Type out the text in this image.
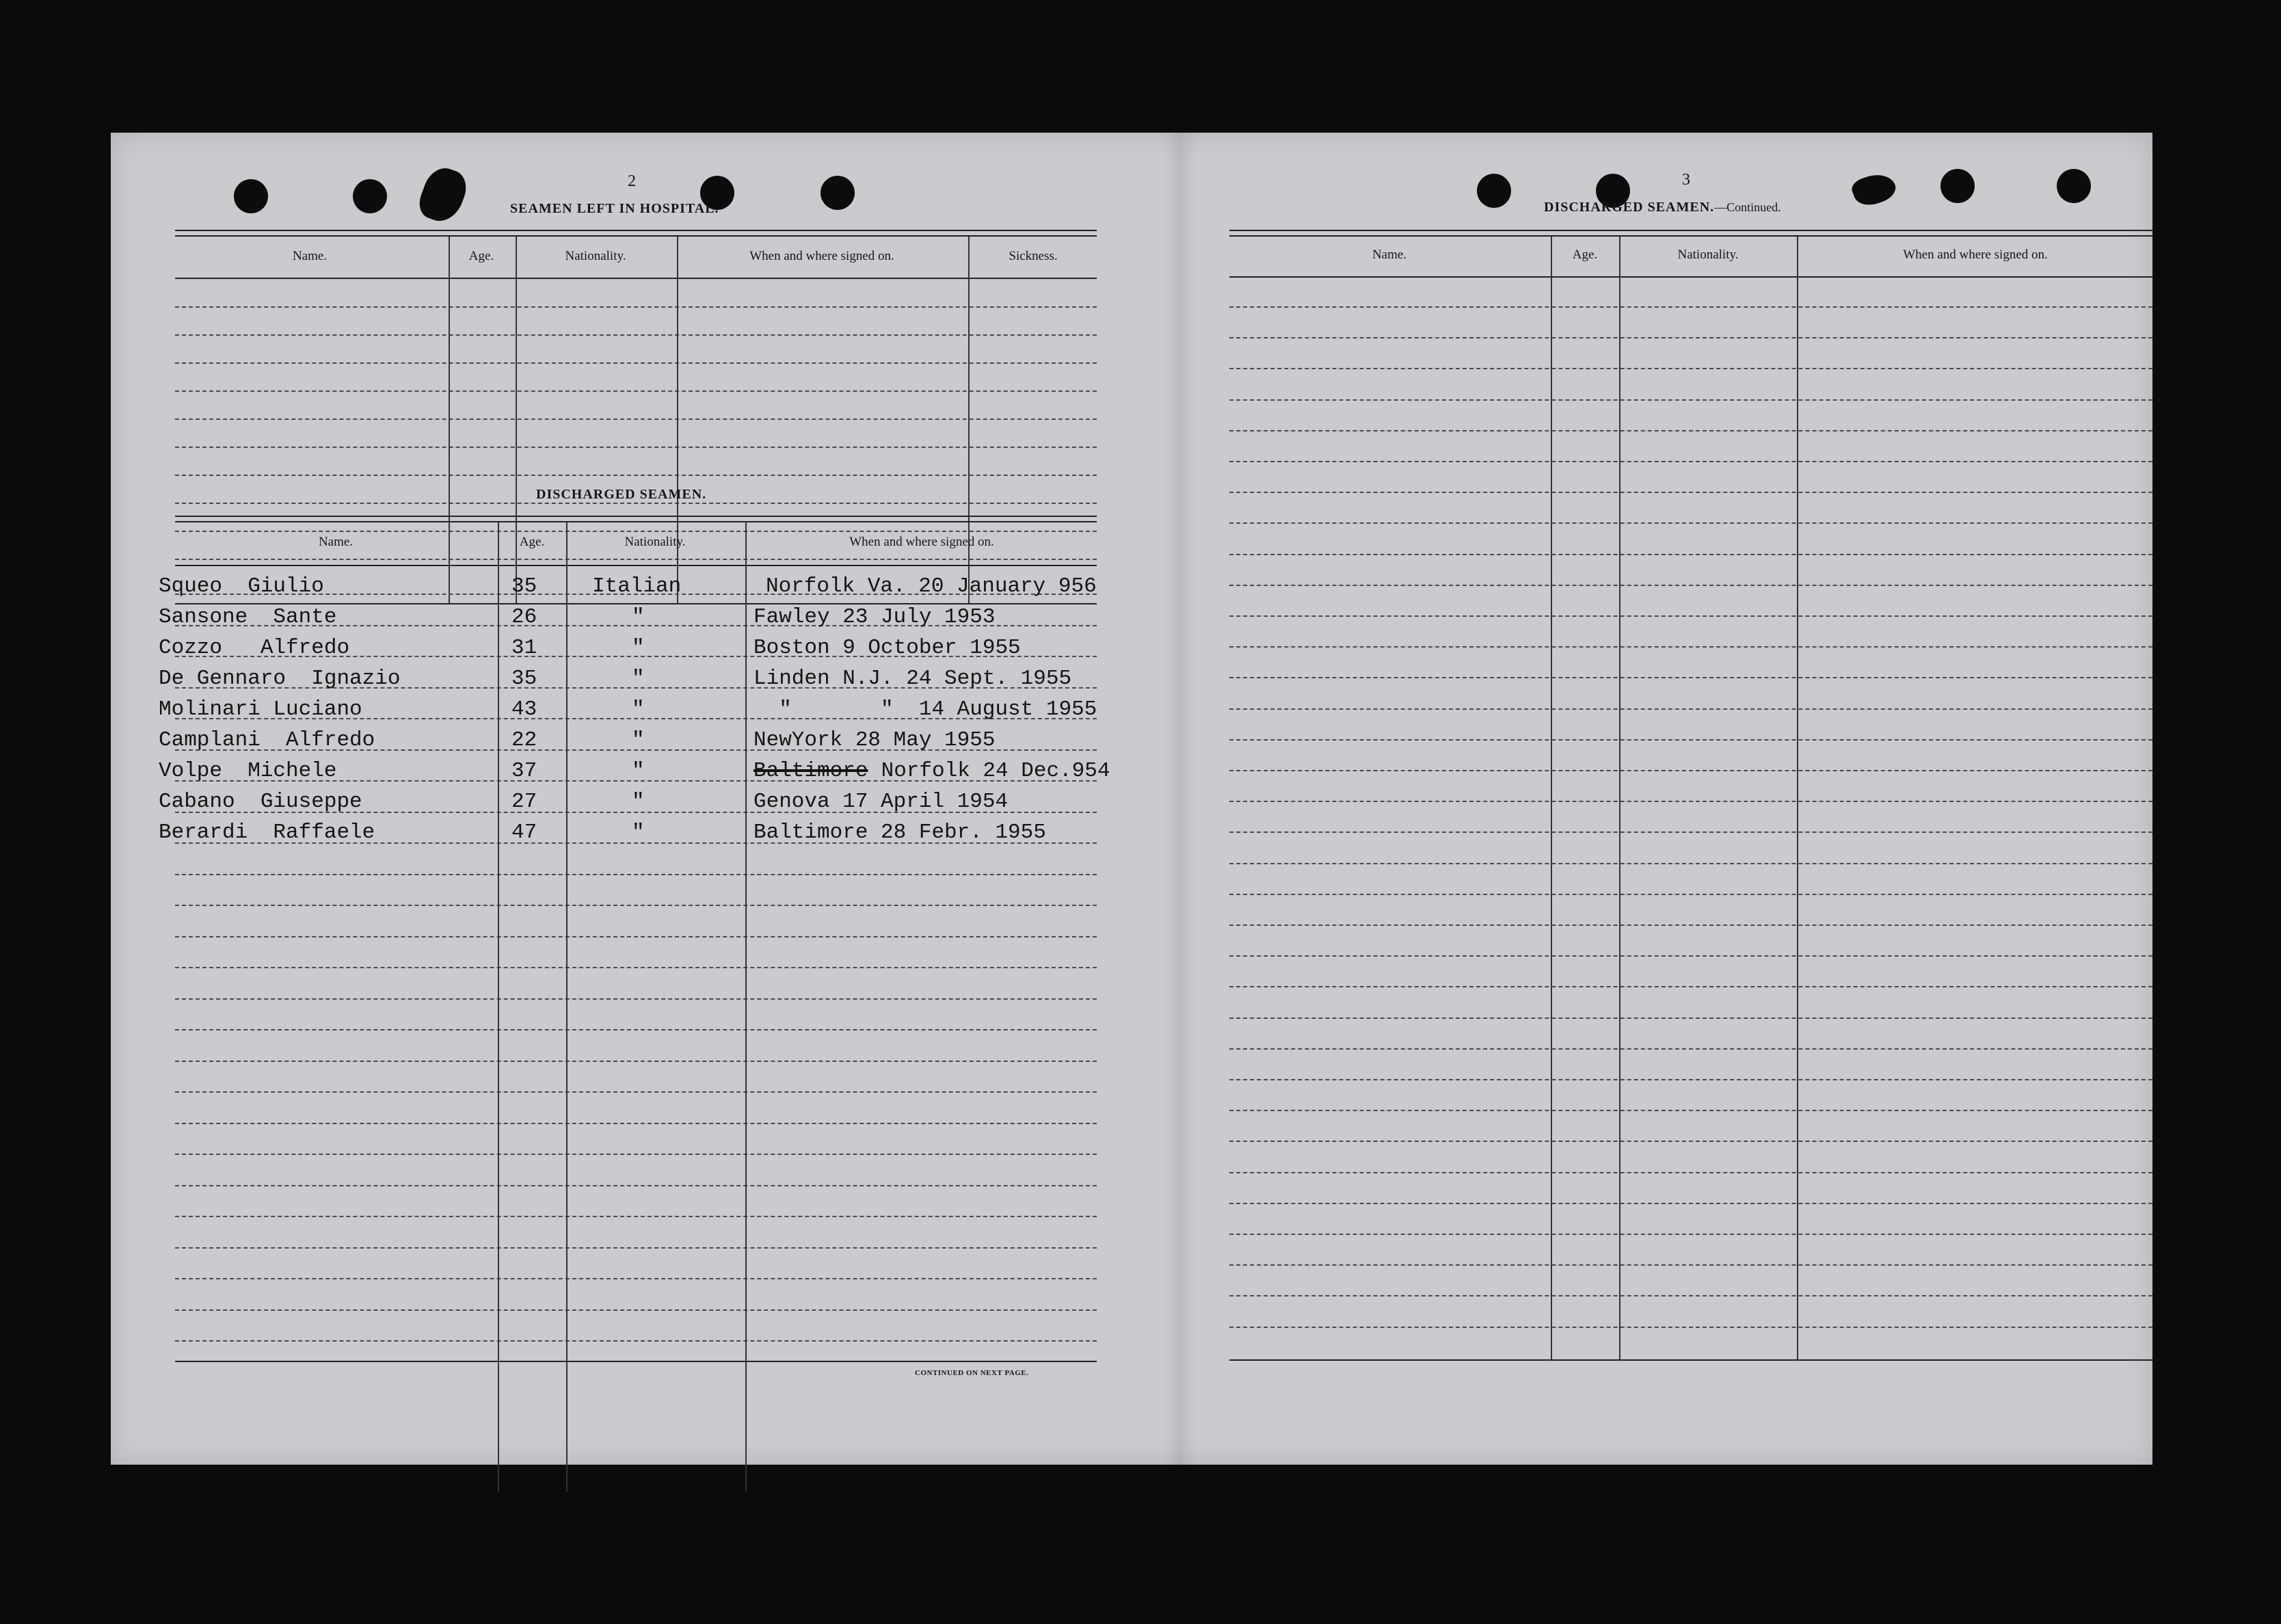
2
SEAMEN LEFT IN HOSPITAL.
Name.	Age.	Nationality.	When and where signed on.	Sickness.
DISCHARGED SEAMEN.
Name.	Age.	Nationality.	When and where signed on.
CONTINUED ON NEXT PAGE.
Squeo  Giulio	35	Italian	Norfolk Va. 20 January 956
Sansone  Sante	26	"	Fawley 23 July 1953
Cozzo   Alfredo	31	"	Boston 9 October 1955
De Gennaro  Ignazio	35	"	Linden N.J. 24 Sept. 1955
Molinari Luciano	43	"	"       "  14 August 1955
Camplani  Alfredo	22	"	NewYork 28 May 1955
Volpe  Michele	37	"	Baltimore Norfolk 24 Dec.954
Cabano  Giuseppe	27	"	Genova 17 April 1954
Berardi  Raffaele	47	"	Baltimore 28 Febr. 1955
3
DISCHARGED SEAMEN.—Continued.
Name.	Age.	Nationality.	When and where signed on.
